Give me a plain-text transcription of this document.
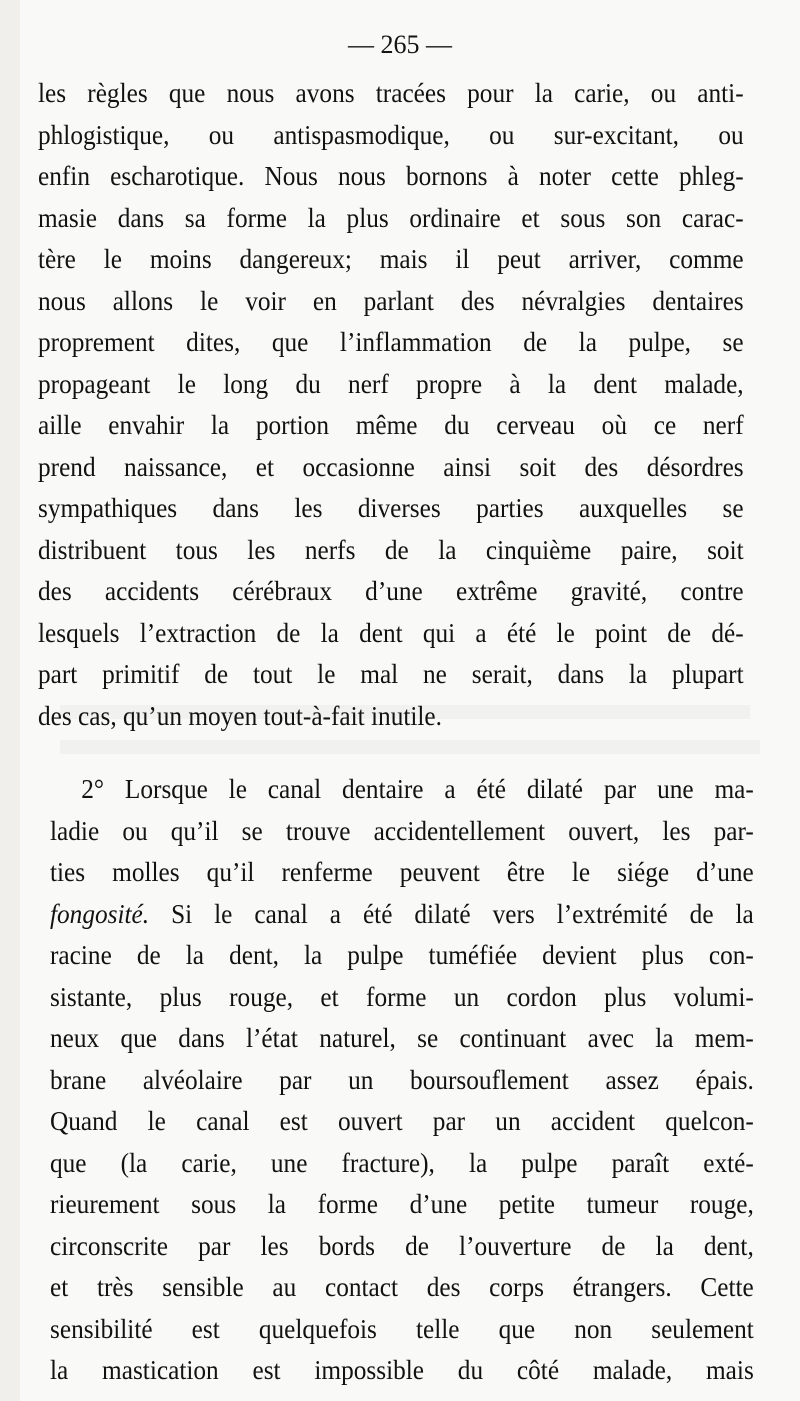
— 265 —
les règles que nous avons tracées pour la carie, ou anti-
phlogistique, ou antispasmodique, ou sur-excitant, ou
enfin escharotique. Nous nous bornons à noter cette phleg-
masie dans sa forme la plus ordinaire et sous son carac-
tère le moins dangereux; mais il peut arriver, comme
nous allons le voir en parlant des névralgies dentaires
proprement dites, que l’inflammation de la pulpe, se
propageant le long du nerf propre à la dent malade,
aille envahir la portion même du cerveau où ce nerf
prend naissance, et occasionne ainsi soit des désordres
sympathiques dans les diverses parties auxquelles se
distribuent tous les nerfs de la cinquième paire, soit
des accidents cérébraux d’une extrême gravité, contre
lesquels l’extraction de la dent qui a été le point de dé-
part primitif de tout le mal ne serait, dans la plupart
des cas, qu’un moyen tout-à-fait inutile.
2° Lorsque le canal dentaire a été dilaté par une ma-
ladie ou qu’il se trouve accidentellement ouvert, les par-
ties molles qu’il renferme peuvent être le siége d’une
fongosité. Si le canal a été dilaté vers l’extrémité de la
racine de la dent, la pulpe tuméfiée devient plus con-
sistante, plus rouge, et forme un cordon plus volumi-
neux que dans l’état naturel, se continuant avec la mem-
brane alvéolaire par un boursouflement assez épais.
Quand le canal est ouvert par un accident quelcon-
que (la carie, une fracture), la pulpe paraît exté-
rieurement sous la forme d’une petite tumeur rouge,
circonscrite par les bords de l’ouverture de la dent,
et très sensible au contact des corps étrangers. Cette
sensibilité est quelquefois telle que non seulement
la mastication est impossible du côté malade, mais
